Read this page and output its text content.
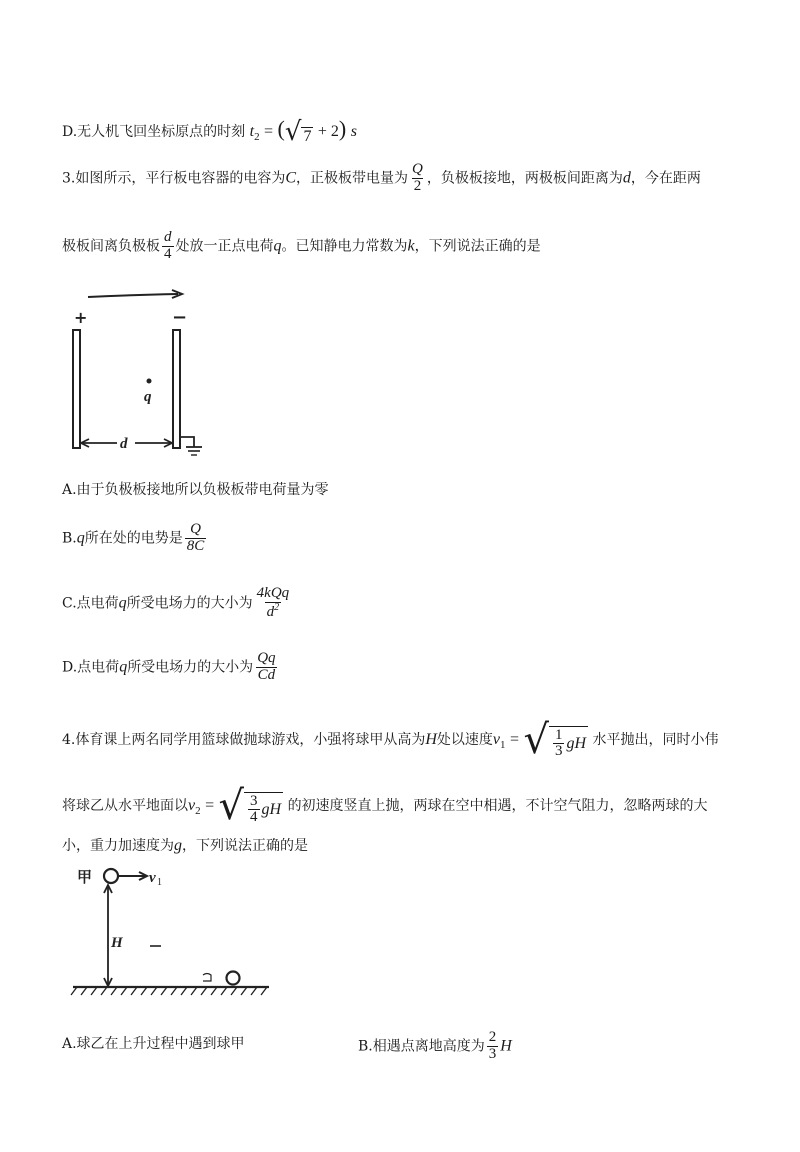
D.无人机飞回坐标原点的时刻 $t_2$ = ( √ 7 + 2) s
3.如图所示，平行板电容器的电容为C，正极板带电量为 $\frac{Q}{2}$ ，负极板接地，两极板间距离为d，今在距两
极板间离负极板 $\frac{d}{4}$ 处放一正点电荷q。已知静电力常数为k，下列说法正确的是
+	−
q
d
A.由于负极板接地所以负极板带电荷量为零
B.q所在处的电势是 $\frac{Q}{8C}$
C.点电荷q所受电场力的大小为 $\frac{\text{4kQq}}{d^2}$
D.点电荷q所受电场力的大小为 $\frac{Qq}{Cd}$
4.体育课上两名同学用篮球做抛球游戏，小强将球甲从高为H处以速度$v_1$ = √ $\frac{1}{3}$ gH 水平抛出，同时小伟
将球乙从水平地面以$v_2$ = √ $\frac{3}{4}$ gH 的初速度竖直上抛，两球在空中相遇，不计空气阻力，忽略两球的大
小，重力加速度为g，下列说法正确的是
甲	v 1
H
A.球乙在上升过程中遇到球甲	B.相遇点离地高度为 $\frac{2}{3}$ H
